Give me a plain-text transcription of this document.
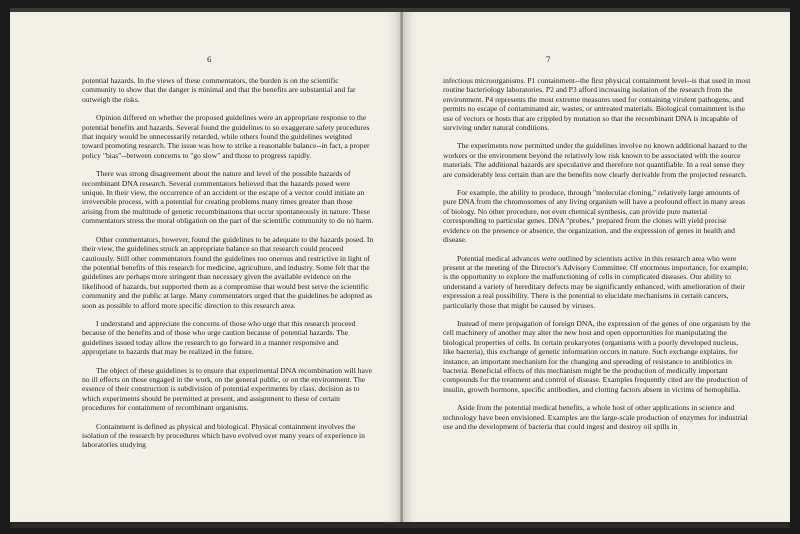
6

potential hazards. In the views of these commentators, the burden is on the scientific community to show that the danger is minimal and that the benefits are substantial and far outweigh the risks.

Opinion differed on whether the proposed guidelines were an appropriate response to the potential benefits and hazards. Several found the guidelines to so exaggerate safety procedures that inquiry would be unnecessarily retarded, while others found the guidelines weighted toward promoting research. The issue was how to strike a reasonable balance--in fact, a proper policy "bias"--between concerns to "go slow" and those to progress rapidly.

There was strong disagreement about the nature and level of the possible hazards of recombinant DNA research. Several commentators believed that the hazards posed were unique. In their view, the occurrence of an accident or the escape of a vector could initiate an irreversible process, with a potential for creating problems many times greater than those arising from the multitude of genetic recombinations that occur spontaneously in nature. These commentators stress the moral obligation on the part of the scientific community to do no harm.

Other commentators, however, found the guidelines to be adequate to the hazards posed. In their view, the guidelines struck an appropriate balance so that research could proceed cautiously. Still other commentators found the guidelines too onerous and restrictive in light of the potential benefits of this research for medicine, agriculture, and industry. Some felt that the guidelines are perhaps more stringent than necessary given the available evidence on the likelihood of hazards, but supported them as a compromise that would best serve the scientific community and the public at large. Many commentators urged that the guidelines be adopted as soon as possible to afford more specific direction to this research area.

I understand and appreciate the concerns of those who urge that this research proceed because of the benefits and of those who urge caution because of potential hazards. The guidelines issued today allow the research to go forward in a manner responsive and appropriate to hazards that may be realized in the future.

The object of these guidelines is to ensure that experimental DNA recombination will have no ill effects on those engaged in the work, on the general public, or on the environment. The essence of their construction is subdivision of potential experiments by class, decision as to which experiments should be permitted at present, and assignment to these of certain procedures for containment of recombinant organisms.

Containment is defined as physical and biological. Physical containment involves the isolation of the research by procedures which have evolved over many years of experience in laboratories studying

7

infectious microorganisms. P1 containment--the first physical containment level--is that used in most routine bacteriology laboratories. P2 and P3 afford increasing isolation of the research from the environment. P4 represents the most extreme measures used for containing virulent pathogens, and permits no escape of contaminated air, wastes, or untreated materials. Biological containment is the use of vectors or hosts that are crippled by mutation so that the recombinant DNA is incapable of surviving under natural conditions.

The experiments now permitted under the guidelines involve no known additional hazard to the workers or the environment beyond the relatively low risk known to be associated with the source materials. The additional hazards are speculative and therefore not quantifiable. In a real sense they are considerably less certain than are the benefits now clearly derivable from the projected research.

For example, the ability to produce, through "molecular cloning," relatively large amounts of pure DNA from the chromosomes of any living organism will have a profound effect in many areas of biology. No other procedure, not even chemical synthesis, can provide pure material corresponding to particular genes. DNA "probes," prepared from the clones will yield precise evidence on the presence or absence, the organization, and the expression of genes in health and disease.

Potential medical advances were outlined by scientists active in this research area who were present at the meeting of the Director's Advisory Committee. Of enormous importance, for example, is the opportunity to explore the malfunctioning of cells in complicated diseases. Our ability to understand a variety of hereditary defects may be significantly enhanced, with amelioration of their expression a real possibility. There is the potential to elucidate mechanisms in certain cancers, particularly those that might be caused by viruses.

Instead of mere propagation of foreign DNA, the expression of the genes of one organism by the cell machinery of another may alter the new host and open opportunities for manipulating the biological properties of cells. In certain prokaryotes (organisms with a poorly developed nucleus, like bacteria), this exchange of genetic information occurs in nature. Such exchange explains, for instance, an important mechanism for the changing and spreading of resistance to antibiotics in bacteria. Beneficial effects of this mechanism might be the production of medically important compounds for the treatment and control of disease. Examples frequently cited are the production of insulin, growth hormone, specific antibodies, and clotting factors absent in victims of hemophilia.

Aside from the potential medical benefits, a whole host of other applications in science and technology have been envisioned. Examples are the large-scale production of enzymes for industrial use and the development of bacteria that could ingest and destroy oil spills in
